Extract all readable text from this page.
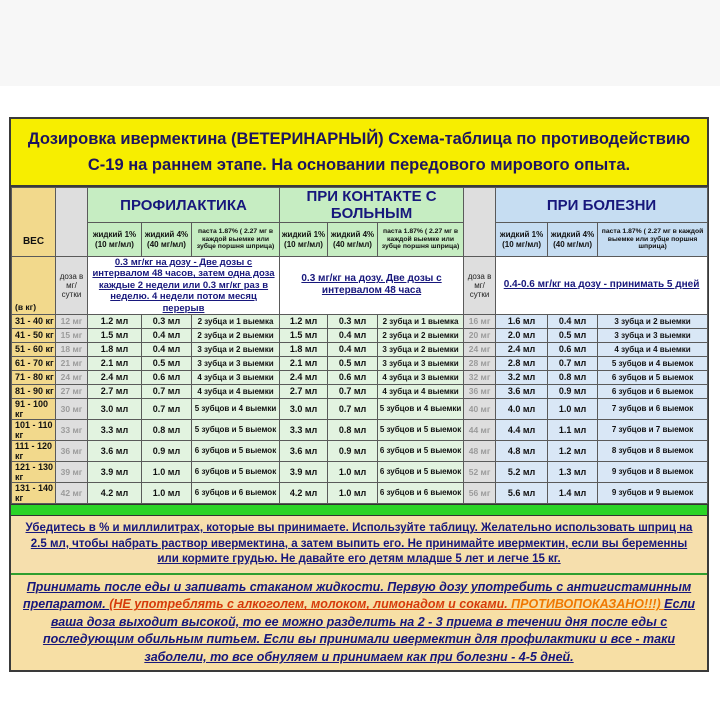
Дозировка ивермектина (ВЕТЕРИНАРНЫЙ) Схема-таблица по противодействию С-19 на раннем этапе. На основании передового мирового опыта.
ВЕС		ПРОФИЛАКТИКА			ПРИ КОНТАКТЕ С БОЛЬНЫМ				ПРИ БОЛЕЗНИ		
		жидкий 1% (10 мг/мл)	жидкий 4% (40 мг/мл)	паста 1.87% ( 2.27 мг в каждой выемке или зубце поршня шприца)	жидкий 1% (10 мг/мл)	жидкий 4% (40 мг/мл)	паста 1.87% ( 2.27 мг в каждой выемке или зубце поршня шприца)		жидкий 1% (10 мг/мл)	жидкий 4% (40 мг/мл)	паста 1.87% ( 2.27 мг в каждой выемке или зубце поршня шприца)
(в кг)	доза в мг/сутки	0.3 мг/кг на дозу - Две дозы с интервалом 48 часов, затем одна доза каждые 2 недели или 0.3 мг/кг раз в неделю. 4 недели потом месяц перерыв			0.3 мг/кг на дозу. Две дозы с интервалом 48 часа			доза в мг/сутки	0.4-0.6 мг/кг на дозу - принимать 5 дней		
31 - 40 кг	12 мг	1.2 мл	0.3 мл	2 зубца и 1 выемка	1.2 мл	0.3 мл	2 зубца и 1 выемка	16 мг	1.6 мл	0.4 мл	3 зубца и 2 выемки
41 - 50 кг	15 мг	1.5 мл	0.4 мл	2 зубца и 2 выемки	1.5 мл	0.4 мл	2 зубца и 2 выемки	20 мг	2.0 мл	0.5 мл	3 зубца и 3 выемки
51 - 60 кг	18 мг	1.8 мл	0.4 мл	3 зубца и 2 выемки	1.8 мл	0.4 мл	3 зубца и 2 выемки	24 мг	2.4 мл	0.6 мл	4 зубца и 4 выемки
61 - 70 кг	21 мг	2.1 мл	0.5 мл	3 зубца и 3 выемки	2.1 мл	0.5 мл	3 зубца и 3 выемки	28 мг	2.8 мл	0.7 мл	5 зубцов и 4 выемок
71 - 80 кг	24 мг	2.4 мл	0.6 мл	4 зубца и 3 выемки	2.4 мл	0.6 мл	4 зубца и 3 выемки	32 мг	3.2 мл	0.8 мл	6 зубцов и 5 выемок
81 - 90 кг	27 мг	2.7 мл	0.7 мл	4 зубца и 4 выемки	2.7 мл	0.7 мл	4 зубца и 4 выемки	36 мг	3.6 мл	0.9 мл	6 зубцов и 6 выемок
91 - 100 кг	30 мг	3.0 мл	0.7 мл	5 зубцов и 4 выемки	3.0 мл	0.7 мл	5 зубцов и 4 выемки	40 мг	4.0 мл	1.0 мл	7 зубцов и 6 выемок
101 - 110 кг	33 мг	3.3 мл	0.8 мл	5 зубцов и 5 выемок	3.3 мл	0.8 мл	5 зубцов и 5 выемок	44 мг	4.4 мл	1.1 мл	7 зубцов и 7 выемок
111 - 120 кг	36 мг	3.6 мл	0.9 мл	6 зубцов и 5 выемок	3.6 мл	0.9 мл	6 зубцов и 5 выемок	48 мг	4.8 мл	1.2 мл	8 зубцов и 8 выемок
121 - 130 кг	39 мг	3.9 мл	1.0 мл	6 зубцов и 5 выемок	3.9 мл	1.0 мл	6 зубцов и 5 выемок	52 мг	5.2 мл	1.3 мл	9 зубцов и 8 выемок
131 - 140 кг	42 мг	4.2 мл	1.0 мл	6 зубцов и 6 выемок	4.2 мл	1.0 мл	6 зубцов и 6 выемок	56 мг	5.6 мл	1.4 мл	9 зубцов и 9 выемок
Убедитесь в % и миллилитрах, которые вы принимаете. Используйте таблицу. Желательно использовать шприц на 2.5 мл, чтобы набрать раствор ивермектина, а затем выпить его. Не принимайте ивермектин, если вы беременны или кормите грудью. Не давайте его детям младше 5 лет и легче 15 кг.
Принимать после еды и запивать стаканом жидкости. Первую дозу употребить с антигистаминным препаратом. (НЕ употреблять с алкоголем, молоком, лимонадом и соками. ПРОТИВОПОКАЗАНО!!!) Если ваша доза выходит высокой, то ее можно разделить на 2 - 3 приема в течении дня после еды с последующим обильным питьем. Если вы принимали ивермектин для профилактики и все - таки заболели, то все обнуляем и принимаем как при болезни - 4-5 дней.
